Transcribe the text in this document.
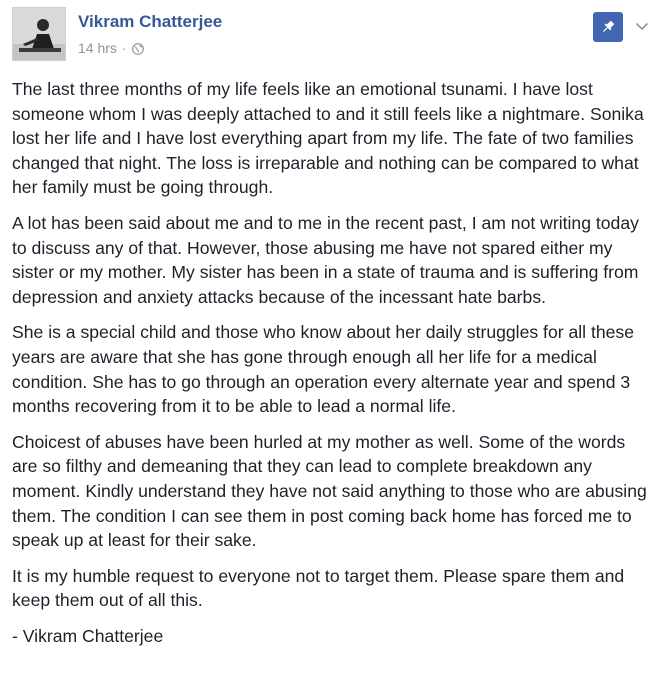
Vikram Chatterjee
14 hrs ·

The last three months of my life feels like an emotional tsunami. I have lost someone whom I was deeply attached to and it still feels like a nightmare. Sonika lost her life and I have lost everything apart from my life. The fate of two families changed that night. The loss is irreparable and nothing can be compared to what her family must be going through.

A lot has been said about me and to me in the recent past, I am not writing today to discuss any of that. However, those abusing me have not spared either my sister or my mother. My sister has been in a state of trauma and is suffering from depression and anxiety attacks because of the incessant hate barbs.

She is a special child and those who know about her daily struggles for all these years are aware that she has gone through enough all her life for a medical condition. She has to go through an operation every alternate year and spend 3 months recovering from it to be able to lead a normal life.

Choicest of abuses have been hurled at my mother as well. Some of the words are so filthy and demeaning that they can lead to complete breakdown any moment. Kindly understand they have not said anything to those who are abusing them. The condition I can see them in post coming back home has forced me to speak up at least for their sake.

It is my humble request to everyone not to target them. Please spare them and keep them out of all this.

- Vikram Chatterjee
